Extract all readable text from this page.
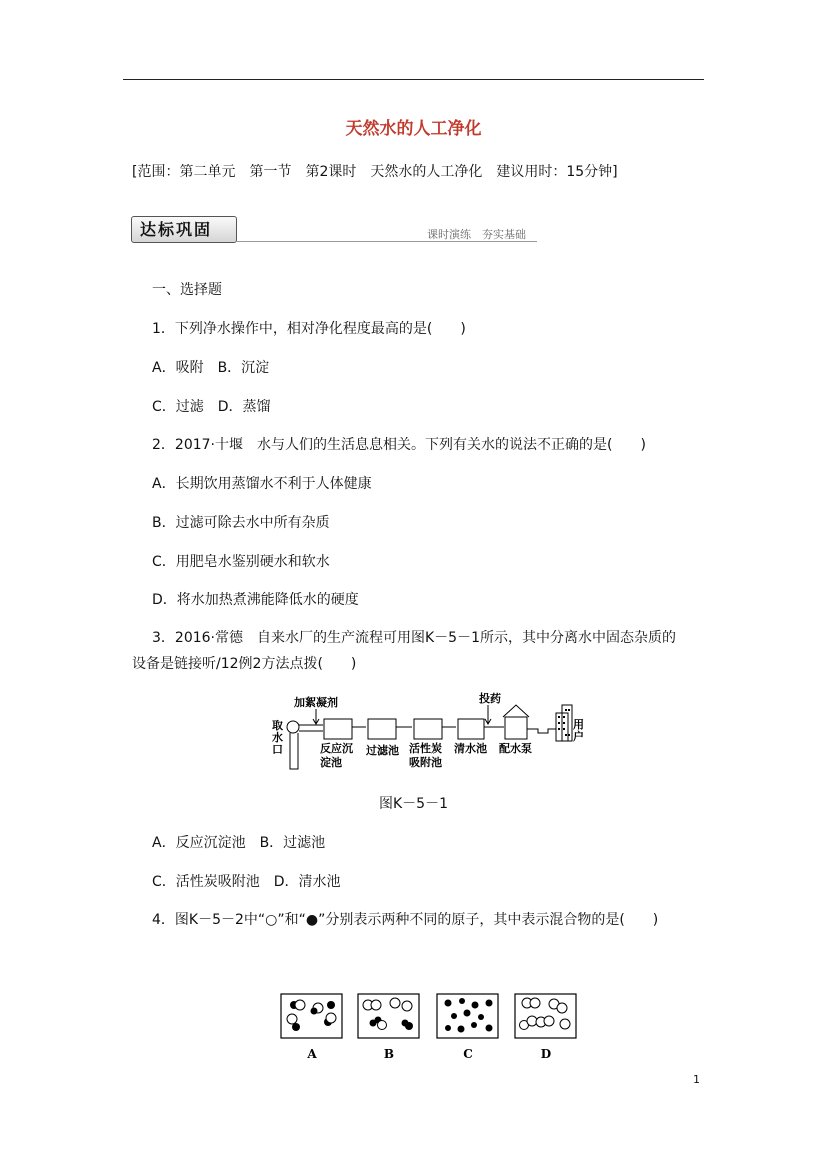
天然水的人工净化
[范围：第二单元　第一节　第2课时　天然水的人工净化　建议用时：15分钟]
达标巩固	课时演练　夯实基础
一、选择题
1．下列净水操作中，相对净化程度最高的是(　　)
A．吸附　B．沉淀
C．过滤　D．蒸馏
2．2017·十堰　水与人们的生活息息相关。下列有关水的说法不正确的是(　　)
A．长期饮用蒸馏水不利于人体健康
B．过滤可除去水中所有杂质
C．用肥皂水鉴别硬水和软水
D．将水加热煮沸能降低水的硬度
3．2016·常德　自来水厂的生产流程可用图K－5－1所示，其中分离水中固态杂质的
设备是链接听/12例2方法点拨(　　)
加絮凝剂	投药
取
水
口	反应沉
淀池
过滤池 活性炭
吸附池
清水池 配水泵
用
户
图K－5－1
A．反应沉淀池　B．过滤池
C．活性炭吸附池　D．清水池
4．图K－5－2中“○”和“●”分别表示两种不同的原子，其中表示混合物的是(　　)
A	B	C	D
1
